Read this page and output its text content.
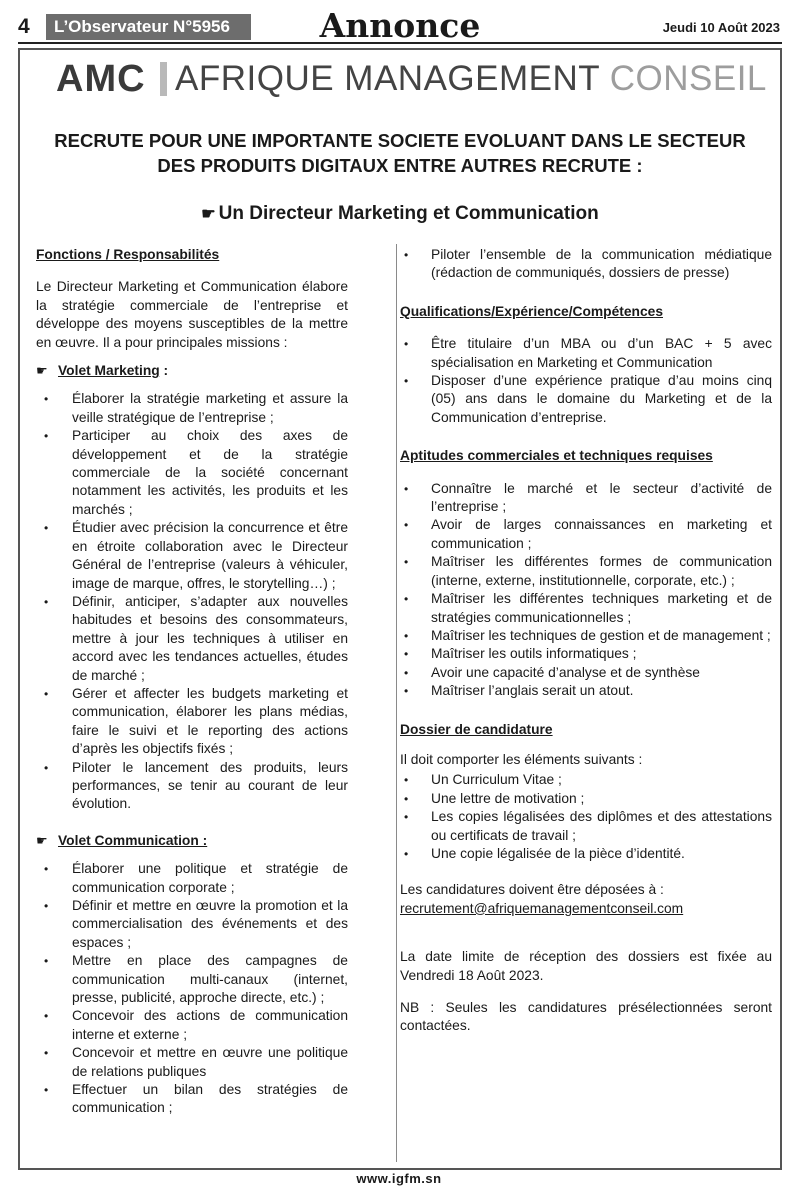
4	L’Observateur N°5956	Annonce	Jeudi 10 Août 2023
AMC AFRIQUE MANAGEMENT CONSEIL
RECRUTE POUR UNE IMPORTANTE SOCIETE EVOLUANT DANS LE SECTEUR
DES PRODUITS DIGITAUX ENTRE AUTRES RECRUTE :
☛ Un Directeur Marketing et Communication
Fonctions / Responsabilités
Le Directeur Marketing et Communication élabore la stratégie commerciale de l’entreprise et développe des moyens susceptibles de la mettre en œuvre. Il a pour principales missions :
☛ Volet Marketing :
• Élaborer la stratégie marketing et assure la veille stratégique de l’entreprise ;
• Participer au choix des axes de développement et de la stratégie commerciale de la société concernant notamment les activités, les produits et les marchés ;
• Étudier avec précision la concurrence et être en étroite collaboration avec le Directeur Général de l’entreprise (valeurs à véhiculer, image de marque, offres, le storytelling…) ;
• Définir, anticiper, s’adapter aux nouvelles habitudes et besoins des consommateurs, mettre à jour les techniques à utiliser en accord avec les tendances actuelles, études de marché ;
• Gérer et affecter les budgets marketing et communication, élaborer les plans médias, faire le suivi et le reporting des actions d’après les objectifs fixés ;
• Piloter le lancement des produits, leurs performances, se tenir au courant de leur évolution.
☛ Volet Communication :
• Élaborer une politique et stratégie de communication corporate ;
• Définir et mettre en œuvre la promotion et la commercialisation des événements et des espaces ;
• Mettre en place des campagnes de communication multi-canaux (internet, presse, publicité, approche directe, etc.) ;
• Concevoir des actions de communication interne et externe ;
• Concevoir et mettre en œuvre une politique de relations publiques
• Effectuer un bilan des stratégies de communication ;
• Piloter l’ensemble de la communication médiatique (rédaction de communiqués, dossiers de presse)
Qualifications/Expérience/Compétences
• Être titulaire d’un MBA ou d’un BAC + 5 avec spécialisation en Marketing et Communication
• Disposer d’une expérience pratique d’au moins cinq (05) ans dans le domaine du Marketing et de la Communication d’entreprise.
Aptitudes commerciales et techniques requises
• Connaître le marché et le secteur d’activité de l’entreprise ;
• Avoir de larges connaissances en marketing et communication ;
• Maîtriser les différentes formes de communication (interne, externe, institutionnelle, corporate, etc.) ;
• Maîtriser les différentes techniques marketing et de stratégies communicationnelles ;
• Maîtriser les techniques de gestion et de management ;
• Maîtriser les outils informatiques ;
• Avoir une capacité d’analyse et de synthèse
• Maîtriser l’anglais serait un atout.
Dossier de candidature
Il doit comporter les éléments suivants :
• Un Curriculum Vitae ;
• Une lettre de motivation ;
• Les copies légalisées des diplômes et des attestations ou certificats de travail ;
• Une copie légalisée de la pièce d’identité.
Les candidatures doivent être déposées à :
recrutement@afriquemanagementconseil.com
La date limite de réception des dossiers est fixée au Vendredi 18 Août 2023.
NB : Seules les candidatures présélectionnées seront contactées.
www.igfm.sn
